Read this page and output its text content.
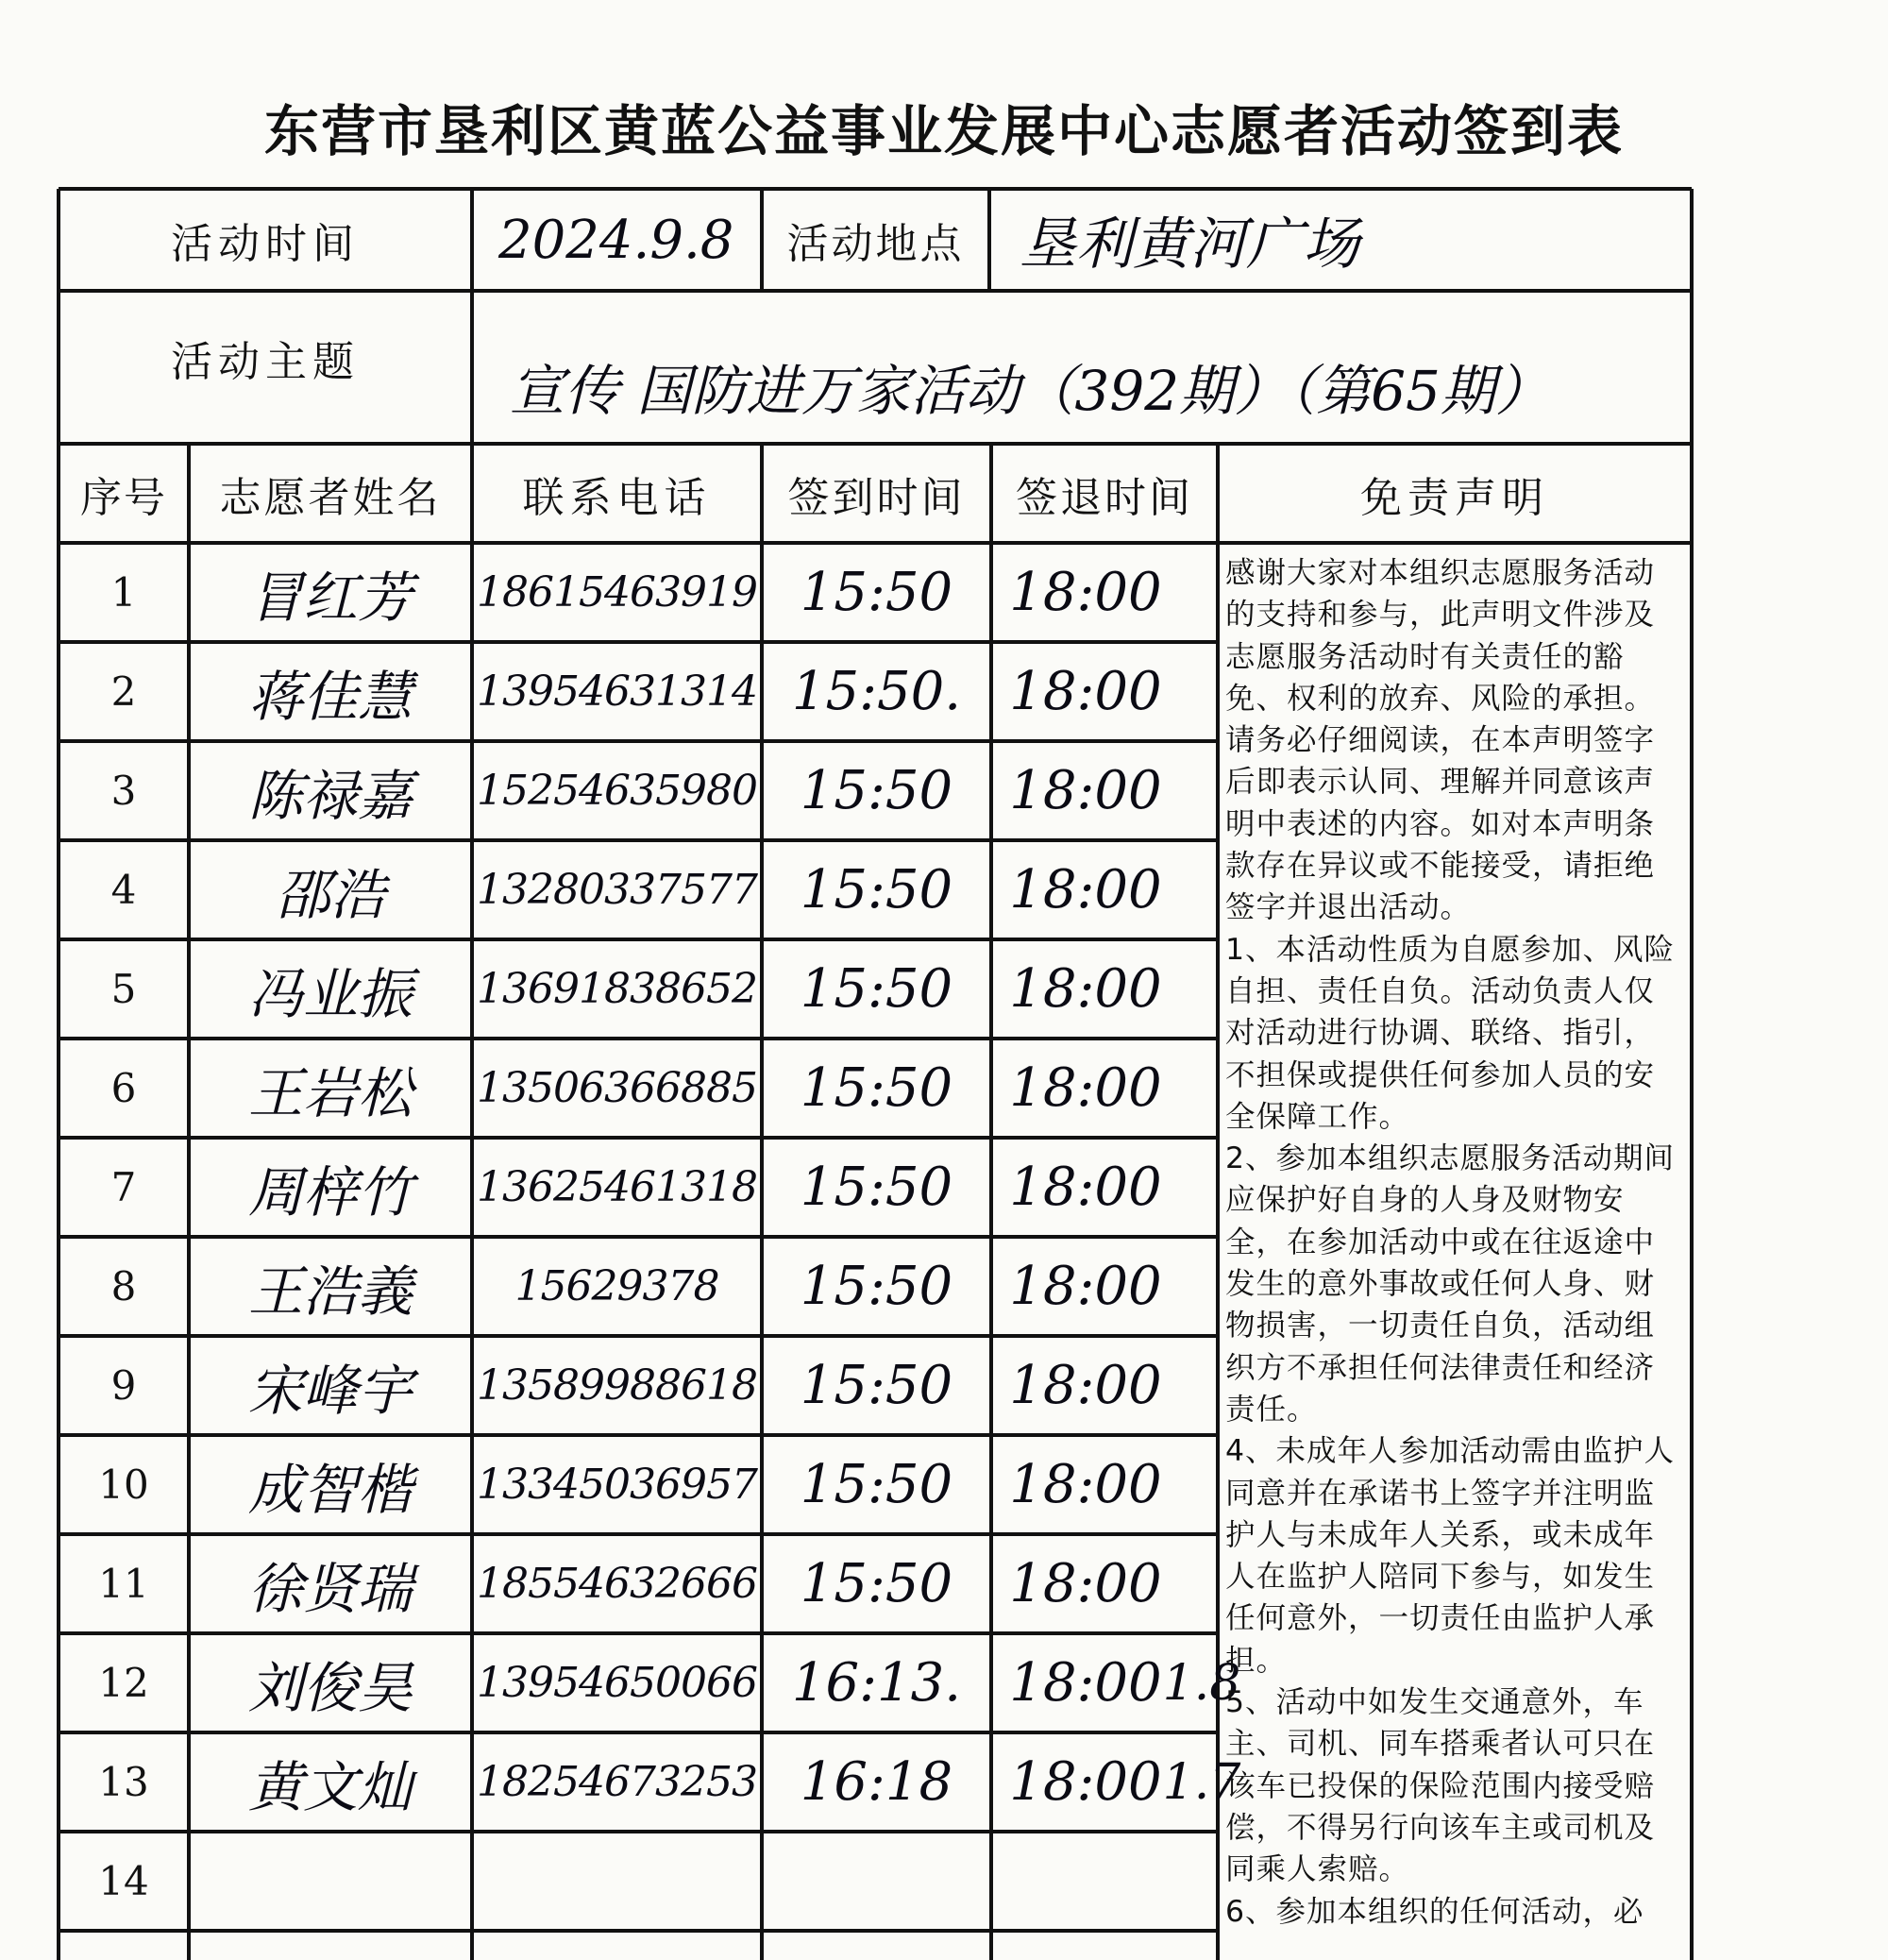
东营市垦利区黄蓝公益事业发展中心志愿者活动签到表
活动时间	2024.9.8	活动地点 垦利黄河广场
活动主题	宣传 国防进万家活动（392期）（第65期）
序号	志愿者姓名	联系电话	签到时间	签退时间	免责声明
1	冒红芳	18615463919 15:50	18:00
2	蒋佳慧	13954631314 15:50. 18:00
3	陈禄嘉	15254635980 15:50	18:00
4	邵浩	13280337577 15:50	18:00
5	冯业振	13691838652 15:50	18:00
6	王岩松	13506366885 15:50	18:00
7	周梓竹	13625461318 15:50	18:00
8	王浩義	15629378	15:50	18:00
9	宋峰宇	13589988618 15:50	18:00
10	成智楷	13345036957 15:50	18:00
11	徐贤瑞	18554632666 15:50	18:00
12	刘俊昊	13954650066 16:13. 18:00 1.8
13	黄文灿	18254673253 16:18	18:00 1.7
14
感谢大家对本组织志愿服务活动的支持和参与，此声明文件涉及志愿服务活动时有关责任的豁免、权利的放弃、风险的承担。请务必仔细阅读，在本声明签字后即表示认同、理解并同意该声明中表述的内容。如对本声明条款存在异议或不能接受，请拒绝签字并退出活动。
1、本活动性质为自愿参加、风险自担、责任自负。活动负责人仅对活动进行协调、联络、指引，不担保或提供任何参加人员的安全保障工作。
2、参加本组织志愿服务活动期间应保护好自身的人身及财物安全，在参加活动中或在往返途中发生的意外事故或任何人身、财物损害，一切责任自负，活动组织方不承担任何法律责任和经济责任。
4、未成年人参加活动需由监护人同意并在承诺书上签字并注明监护人与未成年人关系，或未成年人在监护人陪同下参与，如发生任何意外，一切责任由监护人承担。
5、活动中如发生交通意外，车主、司机、同车搭乘者认可只在该车已投保的保险范围内接受赔偿，不得另行向该车主或司机及同乘人索赔。
6、参加本组织的任何活动，必
